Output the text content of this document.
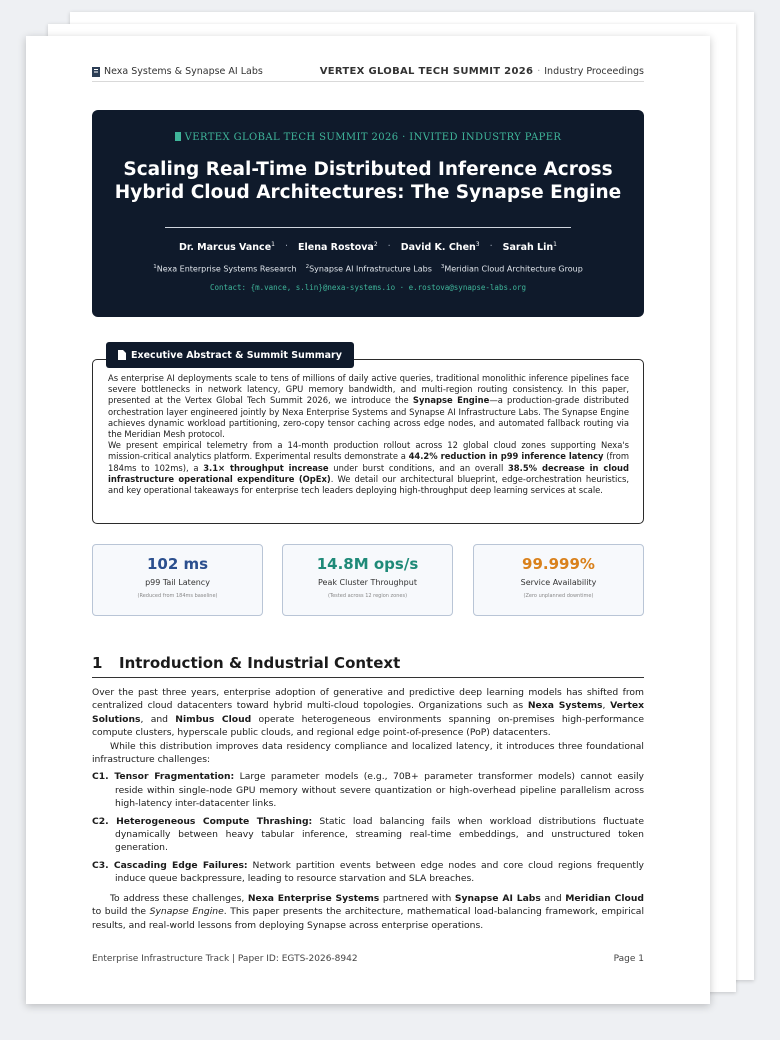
Nexa Systems & Synapse AI Labs	VERTEX GLOBAL TECH SUMMIT 2026 · Industry Proceedings
VERTEX GLOBAL TECH SUMMIT 2026 · INVITED INDUSTRY PAPER
Scaling Real-Time Distributed Inference Across
Hybrid Cloud Architectures: The Synapse Engine
Dr. Marcus Vance$^1$ · Elena Rostova$^2$ · David K. Chen$^3$ · Sarah Lin$^1$
$^1$Nexa Enterprise Systems Research $^2$Synapse AI Infrastructure Labs $^3$Meridian Cloud Architecture Group
Contact: {m.vance, s.lin}@nexa-systems.io · e.rostova@synapse-labs.org
Executive Abstract & Summit Summary

As enterprise AI deployments scale to tens of millions of daily active queries, traditional monolithic inference pipelines face severe bottlenecks in network latency, GPU memory bandwidth, and multi-region routing consistency. In this paper, presented at the Vertex Global Tech Summit 2026, we introduce the Synapse Engine—a production-grade distributed orchestration layer engineered jointly by Nexa Enterprise Systems and Synapse AI Infrastructure Labs. The Synapse Engine achieves dynamic workload partitioning, zero-copy tensor caching across edge nodes, and automated fallback routing via the Meridian Mesh protocol.

We present empirical telemetry from a 14-month production rollout across 12 global cloud zones supporting Nexa's mission-critical analytics platform. Experimental results demonstrate a 44.2% reduction in p99 inference latency (from 184ms to 102ms), a 3.1× throughput increase under burst conditions, and an overall 38.5% decrease in cloud infrastructure operational expenditure (OpEx). We detail our architectural blueprint, edge-orchestration heuristics, and key operational takeaways for enterprise tech leaders deploying high-throughput deep learning services at scale.

102 ms
p99 Tail Latency
(Reduced from 184ms baseline)
14.8M ops/s
Peak Cluster Throughput
(Tested across 12 region zones)
99.999%
Service Availability
(Zero unplanned downtime)
1 Introduction & Industrial Context

Over the past three years, enterprise adoption of generative and predictive deep learning models has shifted from centralized cloud datacenters toward hybrid multi-cloud topologies. Organizations such as Nexa Systems, Vertex Solutions, and Nimbus Cloud operate heterogeneous environments spanning on-premises high-performance compute clusters, hyperscale public clouds, and regional edge point-of-presence (PoP) datacenters.

While this distribution improves data residency compliance and localized latency, it introduces three foundational infrastructure challenges:

C1. Tensor Fragmentation: Large parameter models (e.g., 70B+ parameter transformer models) cannot easily reside within single-node GPU memory without severe quantization or high-overhead pipeline parallelism across high-latency inter-datacenter links.

C2. Heterogeneous Compute Thrashing: Static load balancing fails when workload distributions fluctuate dynamically between heavy tabular inference, streaming real-time embeddings, and unstructured token generation.

C3. Cascading Edge Failures: Network partition events between edge nodes and core cloud regions frequently induce queue backpressure, leading to resource starvation and SLA breaches.

To address these challenges, Nexa Enterprise Systems partnered with Synapse AI Labs and Meridian Cloud to build the Synapse Engine. This paper presents the architecture, mathematical load-balancing framework, empirical results, and real-world lessons from deploying Synapse across enterprise operations.

Enterprise Infrastructure Track | Paper ID: EGTS-2026-8942	Page 1
